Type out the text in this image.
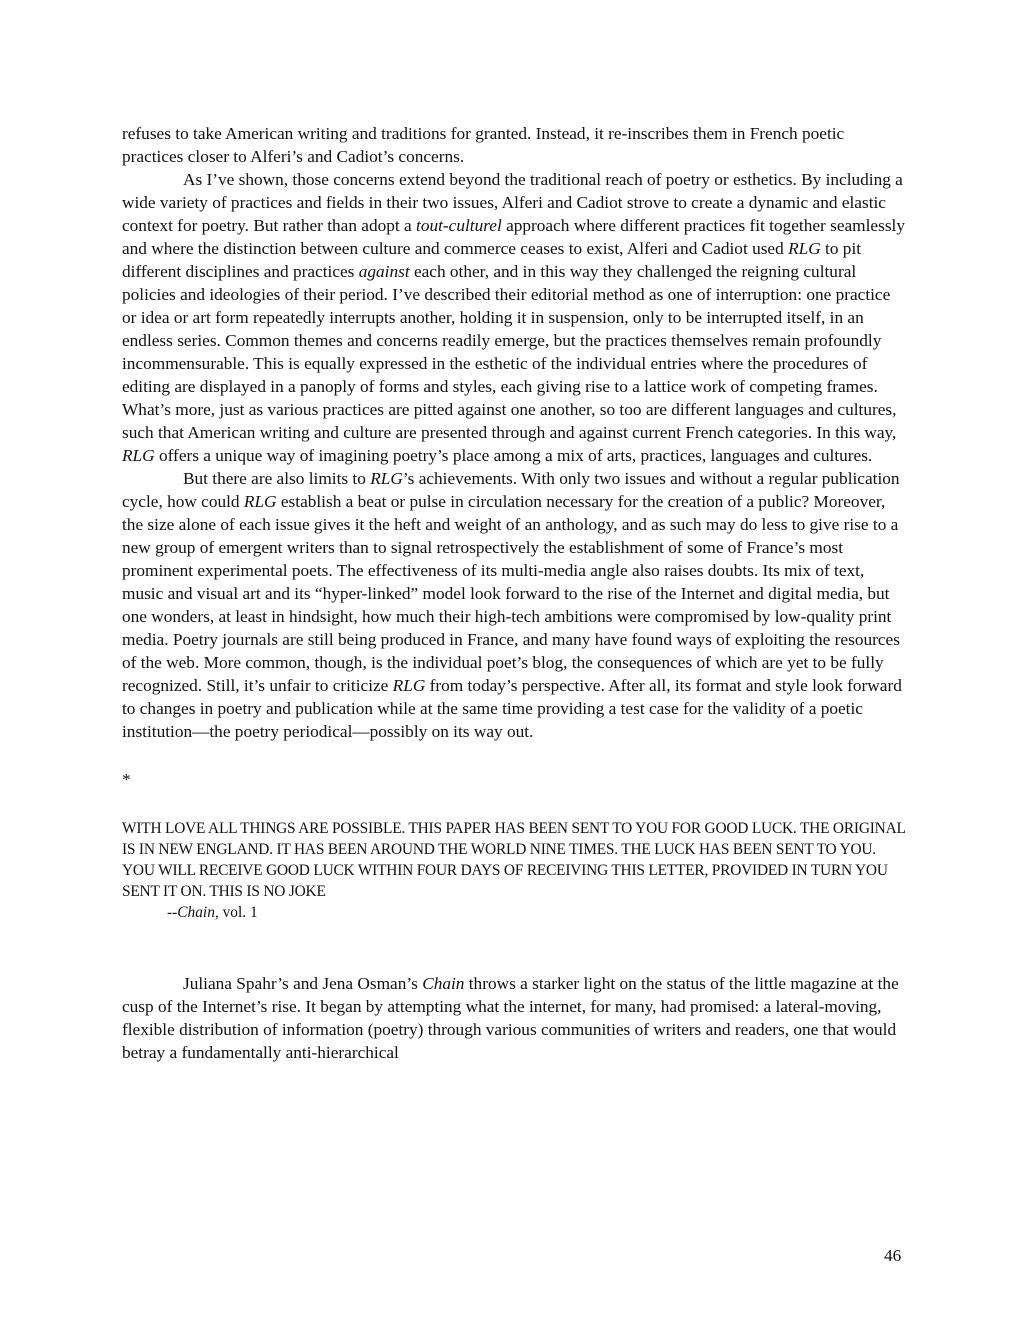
refuses to take American writing and traditions for granted. Instead, it re-inscribes them in French poetic practices closer to Alferi’s and Cadiot’s concerns.

As I’ve shown, those concerns extend beyond the traditional reach of poetry or esthetics. By including a wide variety of practices and fields in their two issues, Alferi and Cadiot strove to create a dynamic and elastic context for poetry. But rather than adopt a tout-culturel approach where different practices fit together seamlessly and where the distinction between culture and commerce ceases to exist, Alferi and Cadiot used RLG to pit different disciplines and practices against each other, and in this way they challenged the reigning cultural policies and ideologies of their period. I’ve described their editorial method as one of interruption: one practice or idea or art form repeatedly interrupts another, holding it in suspension, only to be interrupted itself, in an endless series. Common themes and concerns readily emerge, but the practices themselves remain profoundly incommensurable. This is equally expressed in the esthetic of the individual entries where the procedures of editing are displayed in a panoply of forms and styles, each giving rise to a lattice work of competing frames. What’s more, just as various practices are pitted against one another, so too are different languages and cultures, such that American writing and culture are presented through and against current French categories. In this way, RLG offers a unique way of imagining poetry’s place among a mix of arts, practices, languages and cultures.

But there are also limits to RLG’s achievements. With only two issues and without a regular publication cycle, how could RLG establish a beat or pulse in circulation necessary for the creation of a public? Moreover, the size alone of each issue gives it the heft and weight of an anthology, and as such may do less to give rise to a new group of emergent writers than to signal retrospectively the establishment of some of France’s most prominent experimental poets. The effectiveness of its multi-media angle also raises doubts. Its mix of text, music and visual art and its “hyper-linked” model look forward to the rise of the Internet and digital media, but one wonders, at least in hindsight, how much their high-tech ambitions were compromised by low-quality print media. Poetry journals are still being produced in France, and many have found ways of exploiting the resources of the web. More common, though, is the individual poet’s blog, the consequences of which are yet to be fully recognized. Still, it’s unfair to criticize RLG from today’s perspective. After all, its format and style look forward to changes in poetry and publication while at the same time providing a test case for the validity of a poetic institution—the poetry periodical—possibly on its way out.

*

WITH LOVE ALL THINGS ARE POSSIBLE. THIS PAPER HAS BEEN SENT TO YOU FOR GOOD LUCK. THE ORIGINAL IS IN NEW ENGLAND. IT HAS BEEN AROUND THE WORLD NINE TIMES. THE LUCK HAS BEEN SENT TO YOU. YOU WILL RECEIVE GOOD LUCK WITHIN FOUR DAYS OF RECEIVING THIS LETTER, PROVIDED IN TURN YOU SENT IT ON. THIS IS NO JOKE

--Chain, vol. 1

Juliana Spahr’s and Jena Osman’s Chain throws a starker light on the status of the little magazine at the cusp of the Internet’s rise. It began by attempting what the internet, for many, had promised: a lateral-moving, flexible distribution of information (poetry) through various communities of writers and readers, one that would betray a fundamentally anti-hierarchical

46
